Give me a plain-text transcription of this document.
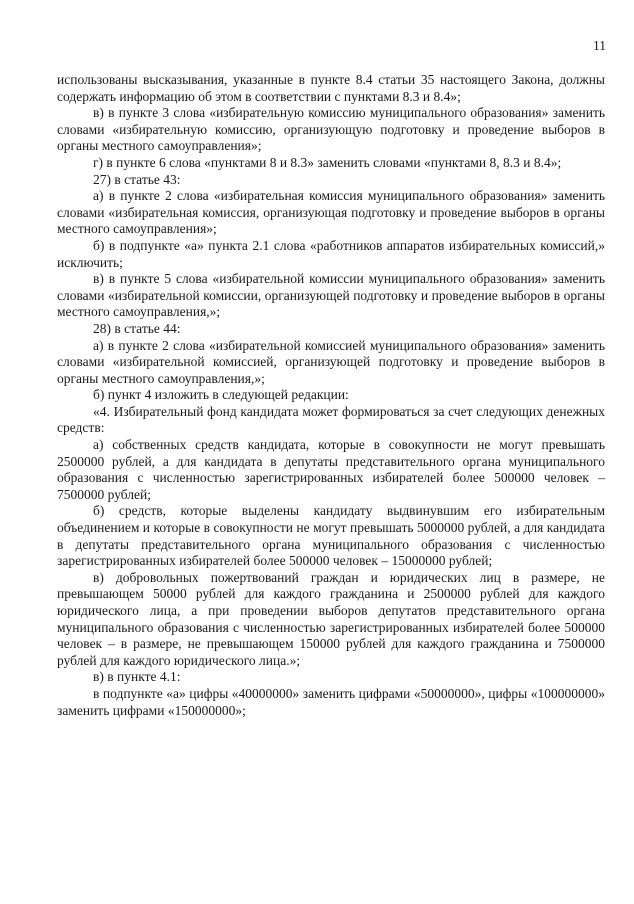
11

использованы высказывания, указанные в пункте 8.4 статьи 35 настоящего Закона, должны содержать информацию об этом в соответствии с пунктами 8.3 и 8.4»;

в) в пункте 3 слова «избирательную комиссию муниципального образования» заменить словами «избирательную комиссию, организующую подготовку и проведение выборов в органы местного самоуправления»;

г) в пункте 6 слова «пунктами 8 и 8.3» заменить словами «пунктами 8, 8.3 и 8.4»;

27) в статье 43:

а) в пункте 2 слова «избирательная комиссия муниципального образования» заменить словами «избирательная комиссия, организующая подготовку и проведение выборов в органы местного самоуправления»;

б) в подпункте «а» пункта 2.1 слова «работников аппаратов избирательных комиссий,» исключить;

в) в пункте 5 слова «избирательной комиссии муниципального образования» заменить словами «избирательной комиссии, организующей подготовку и проведение выборов в органы местного самоуправления,»;

28) в статье 44:

а) в пункте 2 слова «избирательной комиссией муниципального образования» заменить словами «избирательной комиссией, организующей подготовку и проведение выборов в органы местного самоуправления,»;

б) пункт 4 изложить в следующей редакции:

«4. Избирательный фонд кандидата может формироваться за счет следующих денежных средств:

а) собственных средств кандидата, которые в совокупности не могут превышать 2500000 рублей, а для кандидата в депутаты представительного органа муниципального образования с численностью зарегистрированных избирателей более 500000 человек – 7500000 рублей;

б) средств, которые выделены кандидату выдвинувшим его избирательным объединением и которые в совокупности не могут превышать 5000000 рублей, а для кандидата в депутаты представительного органа муниципального образования с численностью зарегистрированных избирателей более 500000 человек – 15000000 рублей;

в) добровольных пожертвований граждан и юридических лиц в размере, не превышающем 50000 рублей для каждого гражданина и 2500000 рублей для каждого юридического лица, а при проведении выборов депутатов представительного органа муниципального образования с численностью зарегистрированных избирателей более 500000 человек – в размере, не превышающем 150000 рублей для каждого гражданина и 7500000 рублей для каждого юридического лица.»;

в) в пункте 4.1:

в подпункте «а» цифры «40000000» заменить цифрами «50000000», цифры «100000000» заменить цифрами «150000000»;
